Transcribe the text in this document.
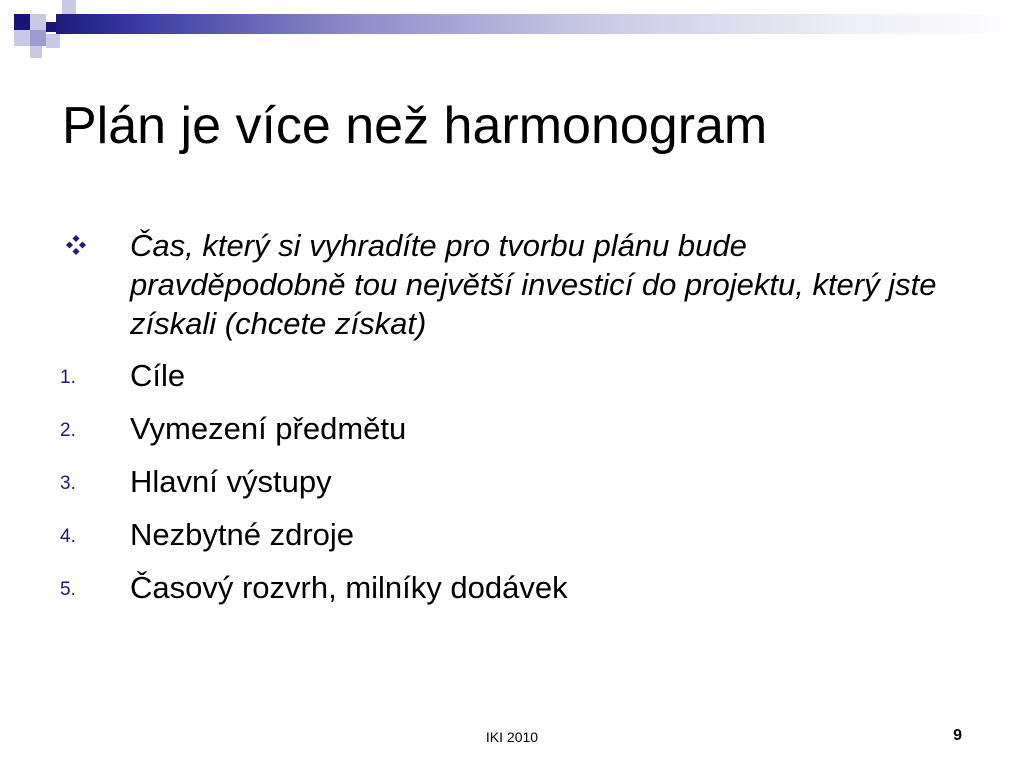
Plán je více než harmonogram
Čas, který si vyhradíte pro tvorbu plánu bude pravděpodobně tou největší investicí do projektu, který jste získali (chcete získat)
1. Cíle
2. Vymezení předmětu
3. Hlavní výstupy
4. Nezbytné zdroje
5. Časový rozvrh, milníky dodávek
IKI 2010	9
